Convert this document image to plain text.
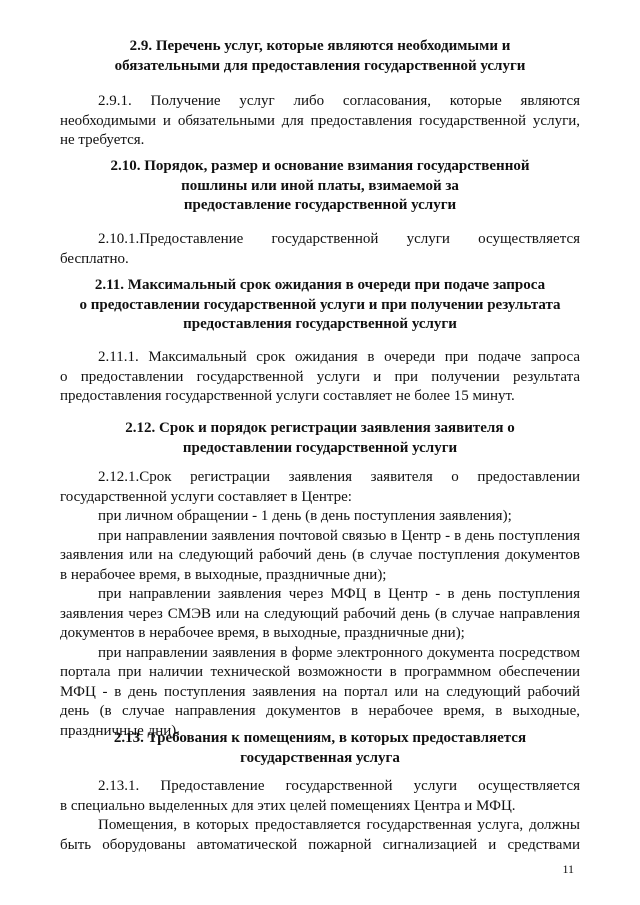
2.9. Перечень услуг, которые являются необходимыми и
обязательными для предоставления государственной услуги
2.9.1. Получение услуг либо согласования, которые являются
необходимыми и обязательными для предоставления государственной услуги,
не требуется.
2.10. Порядок, размер и основание взимания государственной
пошлины или иной платы, взимаемой за
предоставление государственной услуги
2.10.1.Предоставление государственной услуги осуществляется
бесплатно.
2.11. Максимальный срок ожидания в очереди при подаче запроса
о предоставлении государственной услуги и при получении результата
предоставления государственной услуги
2.11.1. Максимальный срок ожидания в очереди при подаче запроса
о предоставлении государственной услуги и при получении результата
предоставления государственной услуги составляет не более 15 минут.
2.12. Срок и порядок регистрации заявления заявителя о
предоставлении государственной услуги
2.12.1.Срок регистрации заявления заявителя о предоставлении
государственной услуги составляет в Центре:
при личном обращении - 1 день (в день поступления заявления);
при направлении заявления почтовой связью в Центр - в день поступления
заявления или на следующий рабочий день (в случае поступления документов
в нерабочее время, в выходные, праздничные дни);
при направлении заявления через МФЦ в Центр - в день поступления
заявления через СМЭВ или на следующий рабочий день (в случае направления
документов в нерабочее время, в выходные, праздничные дни);
при направлении заявления в форме электронного документа посредством
портала при наличии технической возможности в программном обеспечении
МФЦ - в день поступления заявления на портал или на следующий рабочий
день (в случае направления документов в нерабочее время, в выходные,
праздничные дни).
2.13. Требования к помещениям, в которых предоставляется
государственная услуга
2.13.1. Предоставление государственной услуги осуществляется
в специально выделенных для этих целей помещениях Центра и МФЦ.
Помещения, в которых предоставляется государственная услуга, должны
быть оборудованы автоматической пожарной сигнализацией и средствами
11
